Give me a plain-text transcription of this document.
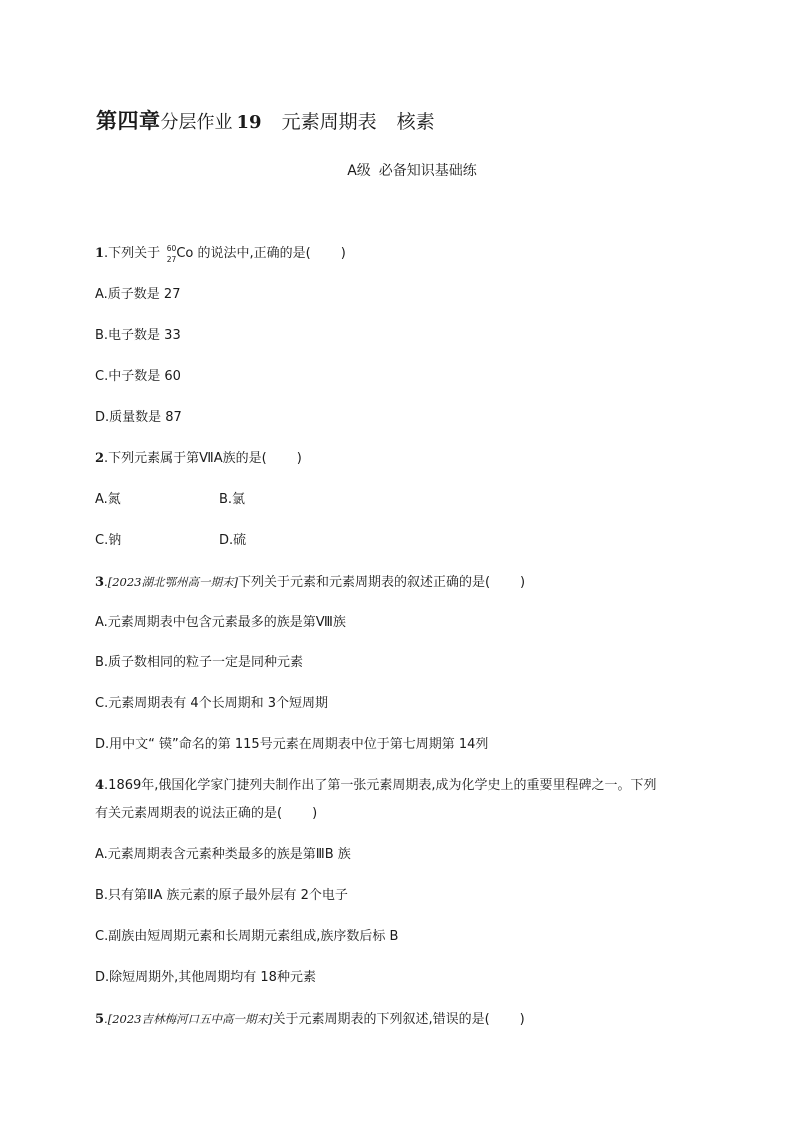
第四章分层作业 19 元素周期表 核素
A级 必备知识基础练
1.下列关于 60
27 Co 的说法中,正确的是( )
A.质子数是 27
B.电子数是 33
C.中子数是 60
D.质量数是 87
2.下列元素属于第ⅦA族的是( )
A.氮	B.氯
C.钠	D.硫
3.[2023湖北鄂州高一期末]下列关于元素和元素周期表的叙述正确的是( )
A.元素周期表中包含元素最多的族是第Ⅷ族
B.质子数相同的粒子一定是同种元素
C.元素周期表有 4个长周期和 3个短周期
D.用中文“ 镆”命名的第 115号元素在周期表中位于第七周期第 14列
4.1869年,俄国化学家门捷列夫制作出了第一张元素周期表,成为化学史上的重要里程碑之一。下列
有关元素周期表的说法正确的是( )
A.元素周期表含元素种类最多的族是第ⅢB 族
B.只有第ⅡA 族元素的原子最外层有 2个电子
C.副族由短周期元素和长周期元素组成,族序数后标 B
D.除短周期外,其他周期均有 18种元素
5.[2023吉林梅河口五中高一期末]关于元素周期表的下列叙述,错误的是( )
